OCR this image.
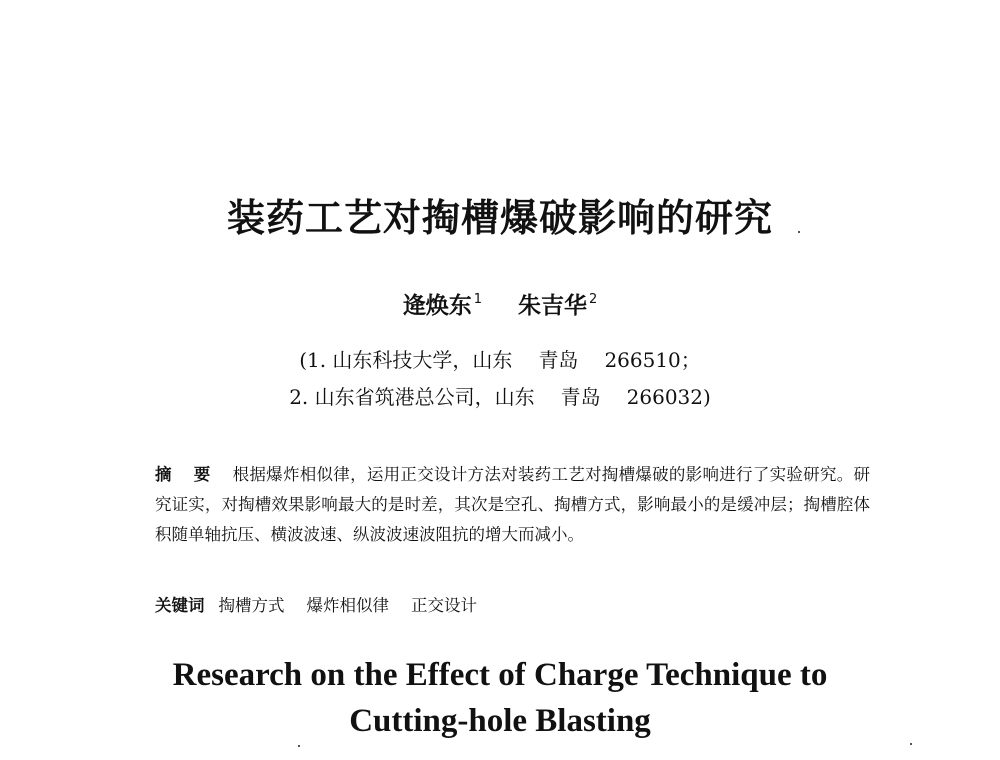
装药工艺对掏槽爆破影响的研究
逄焕东 $^1$ 朱吉华 $^2$
(1. 山东科技大学，山东 青岛 266510；
2. 山东省筑港总公司，山东 青岛 266032)
摘 要 根据爆炸相似律，运用正交设计方法对装药工艺对掏槽爆破的影响进行了实验研究。研究证实，对掏槽效果影响最大的是时差，其次是空孔、掏槽方式，影响最小的是缓冲层；掏槽腔体积随单轴抗压、横波波速、纵波波速波阻抗的增大而减小。
关键词 掏槽方式 爆炸相似律 正交设计
Research on the Effect of Charge Technique to
Cutting-hole Blasting
